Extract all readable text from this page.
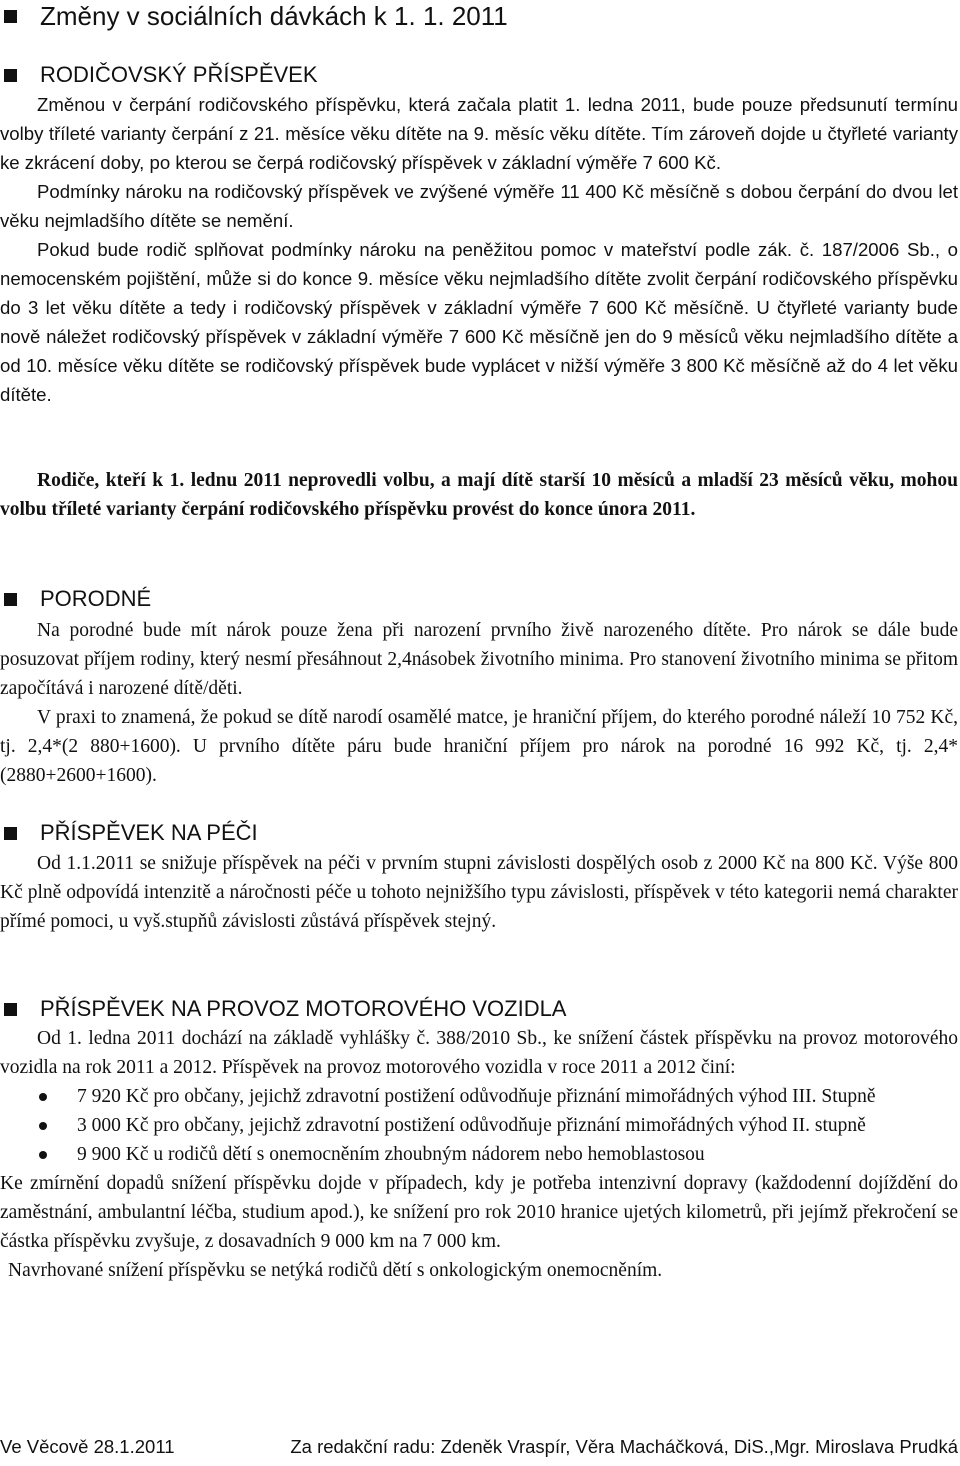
Změny v sociálních dávkách k 1. 1. 2011
RODIČOVSKÝ PŘÍSPĚVEK

Změnou v čerpání rodičovského příspěvku, která začala platit 1. ledna 2011, bude pouze předsunutí termínu volby tříleté varianty čerpání z 21. měsíce věku dítěte na 9. měsíc věku dítěte. Tím zároveň dojde u čtyřleté varianty ke zkrácení doby, po kterou se čerpá rodičovský příspěvek v základní výměře 7 600 Kč.

Podmínky nároku na rodičovský příspěvek ve zvýšené výměře 11 400 Kč měsíčně s dobou čerpání do dvou let věku nejmladšího dítěte se nemění.

Pokud bude rodič splňovat podmínky nároku na peněžitou pomoc v mateřství podle zák. č. 187/2006 Sb., o nemocenském pojištění, může si do konce 9. měsíce věku nejmladšího dítěte zvolit čerpání rodičovského příspěvku do 3 let věku dítěte a tedy i rodičovský příspěvek v základní výměře 7 600 Kč měsíčně. U čtyřleté varianty bude nově náležet rodičovský příspěvek v základní výměře 7 600 Kč měsíčně jen do 9 měsíců věku nejmladšího dítěte a od 10. měsíce věku dítěte se rodičovský příspěvek bude vyplácet v nižší výměře 3 800 Kč měsíčně až do 4 let věku dítěte.

Rodiče, kteří k 1. lednu 2011 neprovedli volbu, a mají dítě starší 10 měsíců a mladší 23 měsíců věku, mohou volbu tříleté varianty čerpání rodičovského příspěvku provést do konce února 2011.

PORODNÉ

Na porodné bude mít nárok pouze žena při narození prvního živě narozeného dítěte. Pro nárok se dále bude posuzovat příjem rodiny, který nesmí přesáhnout 2,4násobek životního minima. Pro stanovení životního minima se přitom započítává i narozené dítě/děti.

V praxi to znamená, že pokud se dítě narodí osamělé matce, je hraniční příjem, do kterého porodné náleží 10 752 Kč, tj. 2,4*(2 880+1600). U prvního dítěte páru bude hraniční příjem pro nárok na porodné 16 992 Kč, tj. 2,4*(2880+2600+1600).

PŘÍSPĚVEK NA PÉČI

Od 1.1.2011 se snižuje příspěvek na péči v prvním stupni závislosti dospělých osob z 2000 Kč na 800 Kč. Výše 800 Kč plně odpovídá intenzitě a náročnosti péče u tohoto nejnižšího typu závislosti, příspěvek v této kategorii nemá charakter přímé pomoci, u vyš.stupňů závislosti zůstává příspěvek stejný.

PŘÍSPĚVEK NA PROVOZ MOTOROVÉHO VOZIDLA

Od 1. ledna 2011 dochází na základě vyhlášky č. 388/2010 Sb., ke snížení částek příspěvku na provoz motorového vozidla na rok 2011 a 2012. Příspěvek na provoz motorového vozidla v roce 2011 a 2012 činí:

7 920 Kč pro občany, jejichž zdravotní postižení odůvodňuje přiznání mimořádných výhod III. Stupně
3 000 Kč pro občany, jejichž zdravotní postižení odůvodňuje přiznání mimořádných výhod II. stupně
9 900 Kč u rodičů dětí s onemocněním zhoubným nádorem nebo hemoblastosou

Ke zmírnění dopadů snížení příspěvku dojde v případech, kdy je potřeba intenzivní dopravy (každodenní dojíždění do zaměstnání, ambulantní léčba, studium apod.), ke snížení pro rok 2010 hranice ujetých kilometrů, při jejímž překročení se částka příspěvku zvyšuje, z dosavadních 9 000 km na 7 000 km.

Navrhované snížení příspěvku se netýká rodičů dětí s onkologickým onemocněním.

Ve Věcově 28.1.2011	Za redakční radu: Zdeněk Vraspír, Věra Macháčková, DiS.,Mgr. Miroslava Prudká
